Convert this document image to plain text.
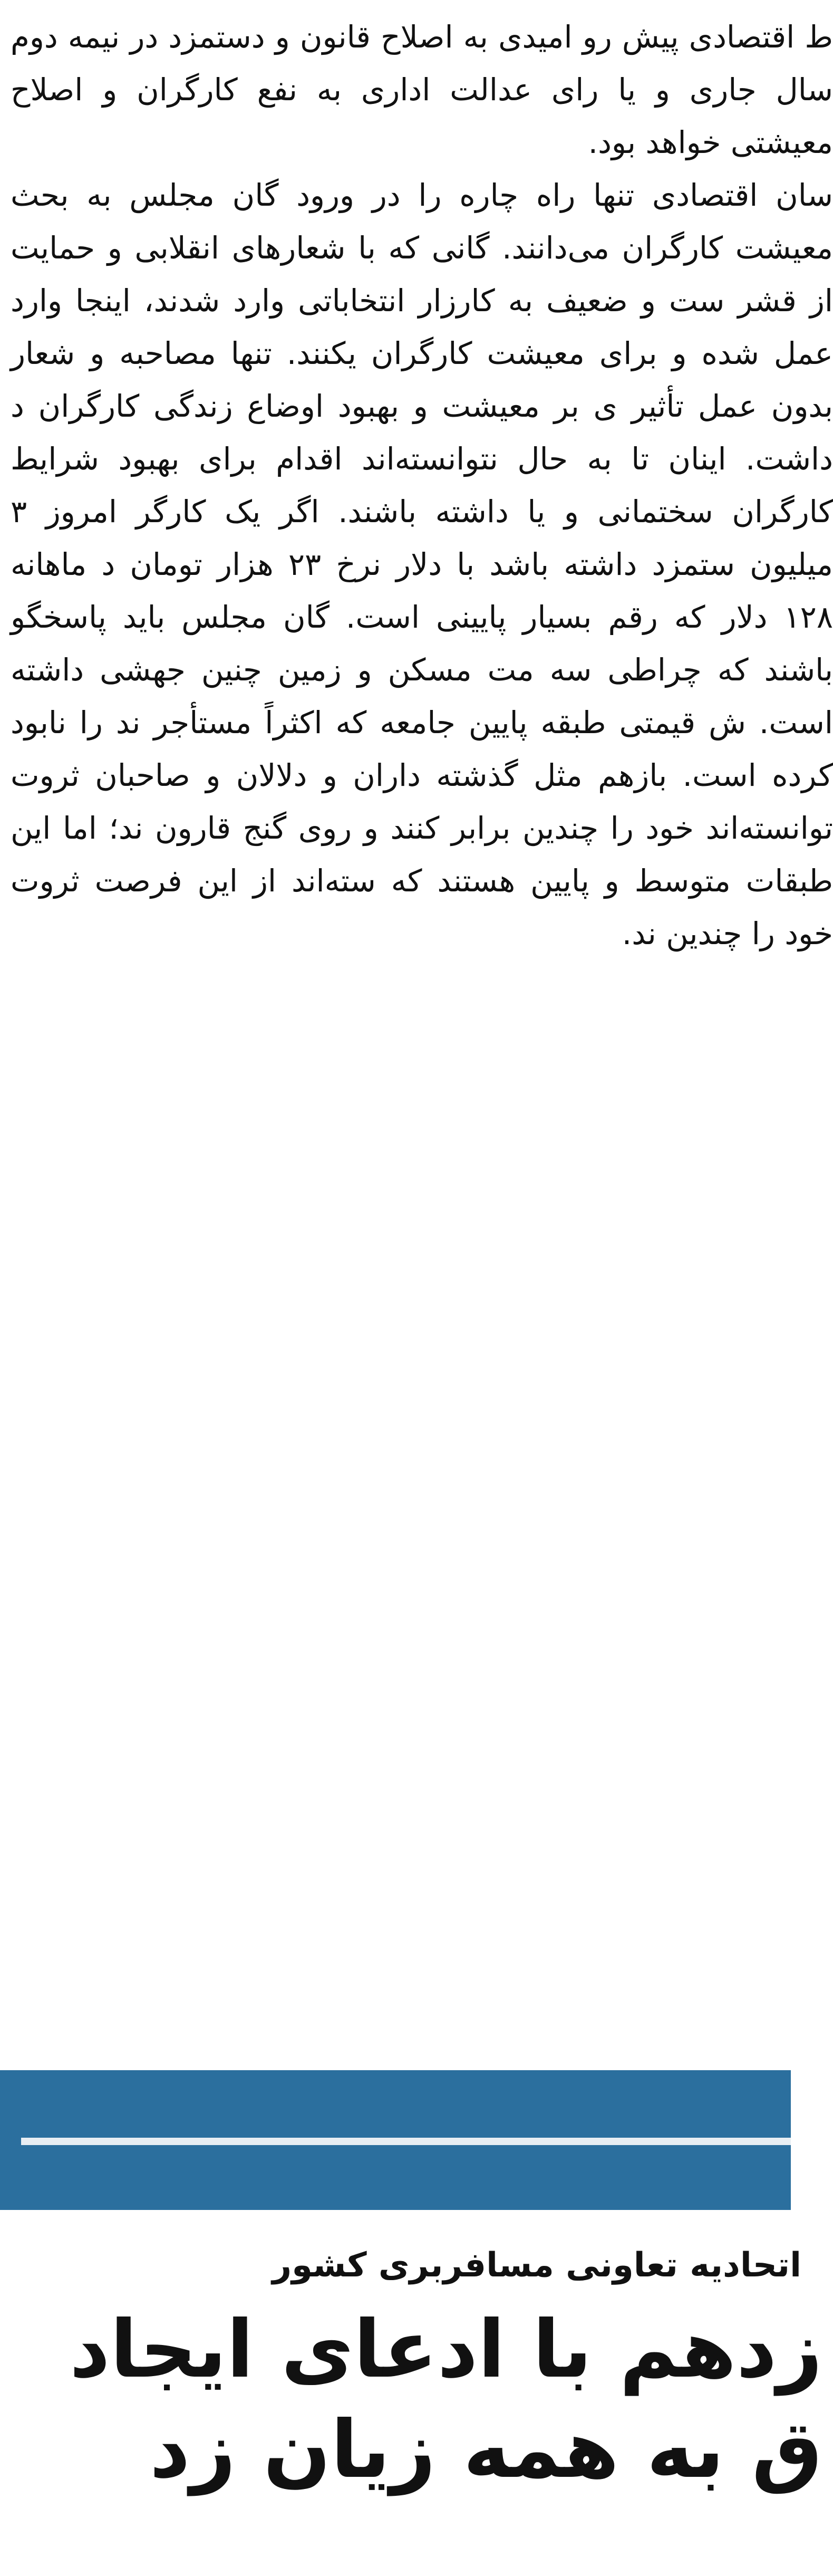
ط اقتصادی پیش رو امیدی به اصلاح قانون و دستمزد در نیمه دوم سال جاری و یا رای عدالت اداری به نفع کارگران و اصلاح معیشتی خواهد بود.

سان اقتصادی تنها راه چاره را در ورود گان مجلس به بحث معیشت کارگران می‌دانند. گانی که با شعارهای انقلابی و حمایت از قشر ست و ضعیف به کارزار انتخاباتی وارد شدند، اینجا وارد عمل شده و برای معیشت کارگران یکنند. تنها مصاحبه و شعار بدون عمل تأثیر ی بر معیشت و بهبود اوضاع زندگی کارگران د داشت. اینان تا به حال نتوانسته‌اند اقدام برای بهبود شرایط کارگران سختمانی و یا داشته باشند. اگر یک کارگر امروز ۳ میلیون ستمزد داشته باشد با دلار نرخ ۲۳ هزار تومان د ماهانه ۱۲۸ دلار که رقم بسیار پایینی است. گان مجلس باید پاسخگو باشند که چراطی سه مت مسکن و زمین چنین جهشی داشته است. ش قیمتی طبقه پایین جامعه که اکثراً مستأجر ند را نابود کرده است. بازهم مثل گذشته داران و دلالان و صاحبان ثروت توانسته‌اند خود را چندین برابر کنند و روی گنج قارون ند؛ اما این طبقات متوسط و پایین هستند که سته‌اند از این فرصت ثروت خود را چندین ند.

اتحادیه تعاونی مسافربری کشور
زدهم با ادعای ایجاد
ق به همه زیان زد
